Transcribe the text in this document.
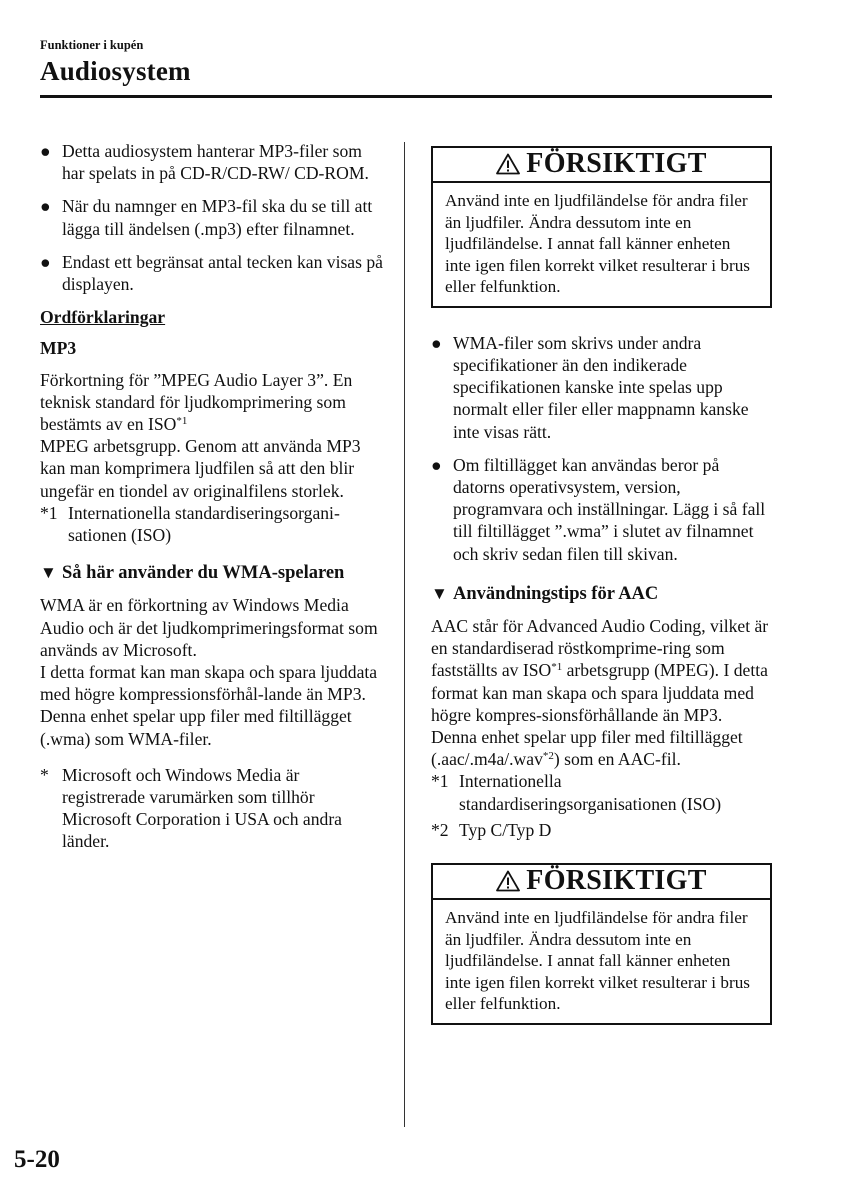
Funktioner i kupén
Audiosystem
● Detta audiosystem hanterar MP3-filer som har spelats in på CD-R/CD-RW/ CD-ROM.
● När du namnger en MP3-fil ska du se till att lägga till ändelsen (.mp3) efter filnamnet.
● Endast ett begränsat antal tecken kan visas på displayen.
Ordförklaringar
MP3

Förkortning för ”MPEG Audio Layer 3”. En teknisk standard för ljudkomprimering som bestämts av en ISO$^{*1}$
MPEG arbetsgrupp. Genom att använda MP3 kan man komprimera ljudfilen så att den blir ungefär en tiondel av originalfilens storlek.

*1 Internationella standardiseringsorgani-sationen (ISO)
▼ Så här använder du WMA-spelaren

WMA är en förkortning av Windows Media Audio och är det ljudkomprimeringsformat som används av Microsoft.

I detta format kan man skapa och spara ljuddata med högre kompressionsförhål-lande än MP3.

Denna enhet spelar upp filer med filtillägget (.wma) som WMA-filer.

* Microsoft och Windows Media är registrerade varumärken som tillhör Microsoft Corporation i USA och andra länder.
FÖRSIKTIGT
Använd inte en ljudfiländelse för andra filer än ljudfiler. Ändra dessutom inte en ljudfiländelse. I annat fall känner enheten inte igen filen korrekt vilket resulterar i brus eller felfunktion.
● WMA-filer som skrivs under andra specifikationer än den indikerade specifikationen kanske inte spelas upp normalt eller filer eller mappnamn kanske inte visas rätt.
● Om filtillägget kan användas beror på datorns operativsystem, version, programvara och inställningar. Lägg i så fall till filtillägget ”.wma” i slutet av filnamnet och skriv sedan filen till skivan.
▼ Användningstips för AAC

AAC står för Advanced Audio Coding, vilket är en standardiserad röstkomprime-ring som fastställts av ISO$^{*1}$ arbetsgrupp (MPEG). I detta format kan man skapa och spara ljuddata med högre kompres-sionsförhållande än MP3.
Denna enhet spelar upp filer med filtillägget (.aac/.m4a/.wav$^{*2}$) som en AAC-fil.

*1 Internationella standardiseringsorganisationen (ISO)
*2 Typ C/Typ D
FÖRSIKTIGT
Använd inte en ljudfiländelse för andra filer än ljudfiler. Ändra dessutom inte en ljudfiländelse. I annat fall känner enheten inte igen filen korrekt vilket resulterar i brus eller felfunktion.
5-20
